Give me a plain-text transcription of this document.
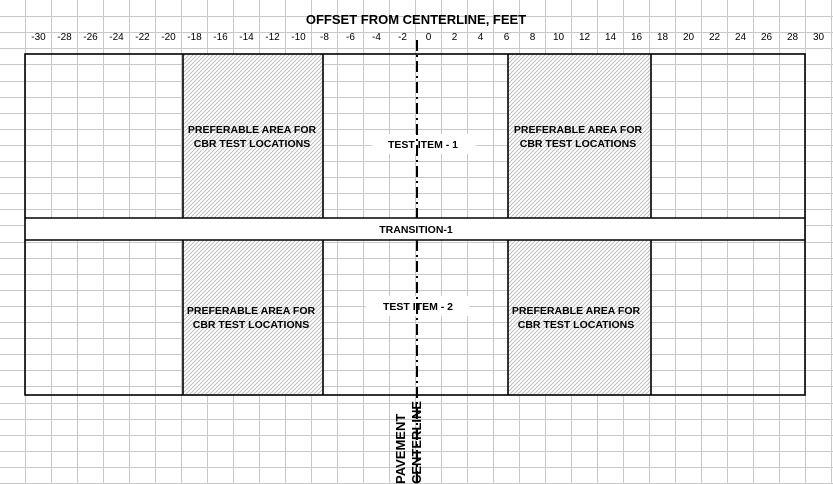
OFFSET FROM CENTERLINE, FEET
-30 -28 -26 -24 -22 -20 -18 -16 -14 -12 -10 -8 -6 -4 -2 0 2 4 6 8 10 12 14 16 18 20 22 24 26 28 30
PREFERABLE AREA FOR
CBR TEST LOCATIONS
PREFERABLE AREA FOR
CBR TEST LOCATIONS
PREFERABLE AREA FOR
CBR TEST LOCATIONS
PREFERABLE AREA FOR
CBR TEST LOCATIONS
TEST ITEM - 1
TEST ITEM - 2
TRANSITION-1
PAVEMENT CENTERLINE
